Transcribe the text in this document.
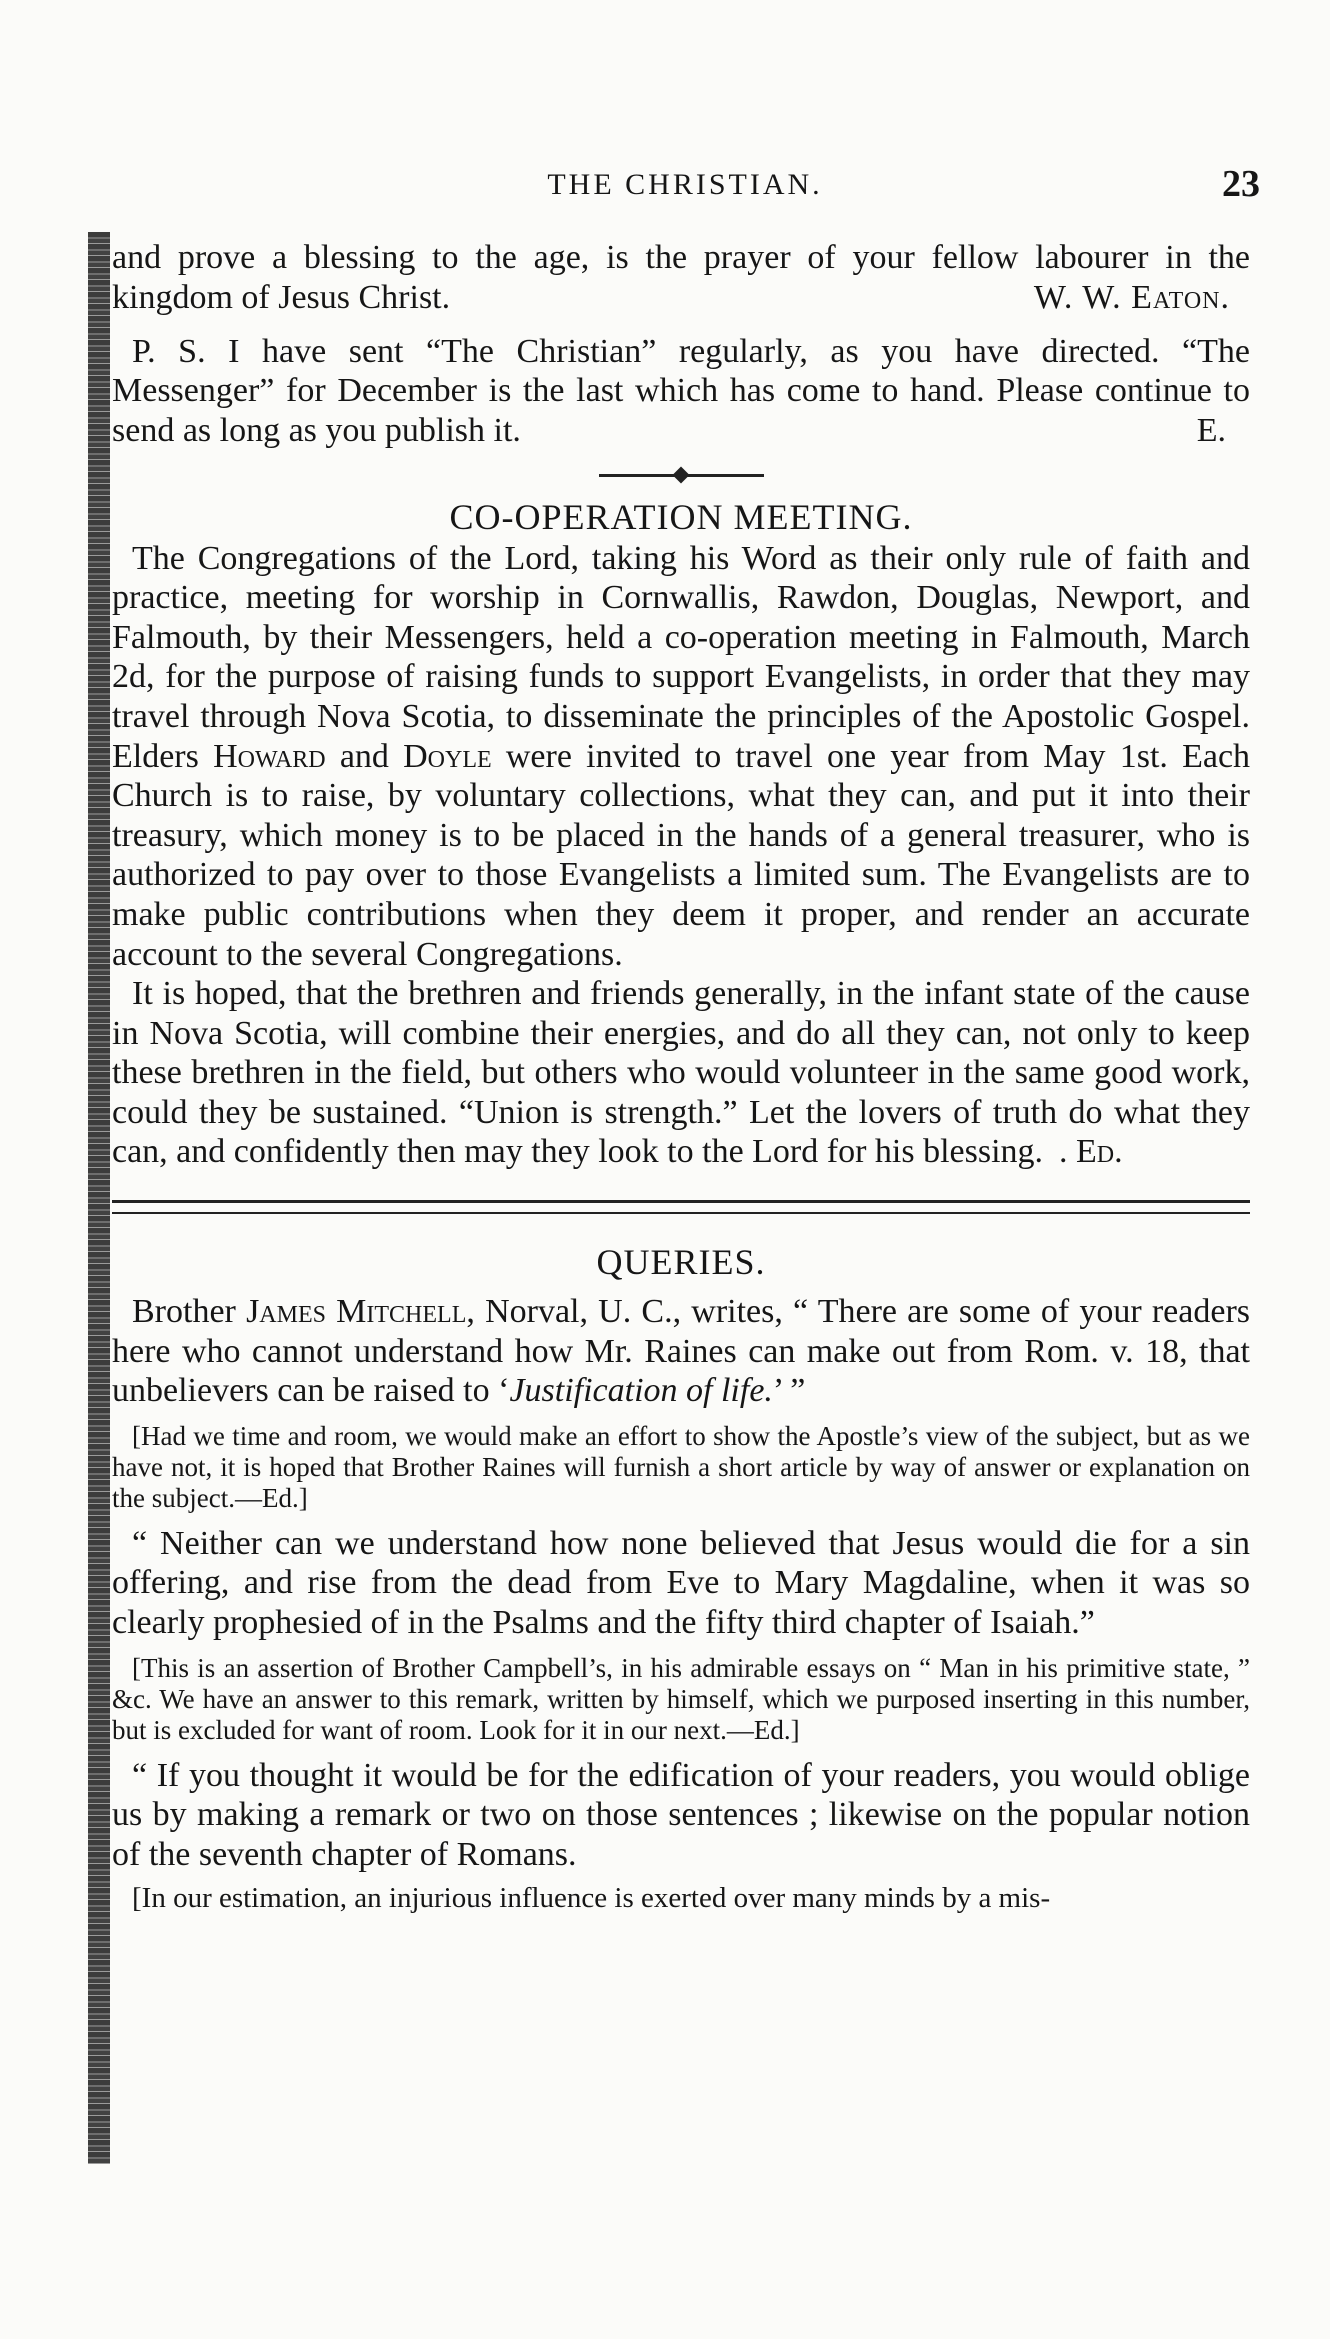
THE CHRISTIAN.	23

and prove a blessing to the age, is the prayer of your fellow labourer in the kingdom of Jesus Christ.	W. W. Eaton.

P. S. I have sent “The Christian” regularly, as you have directed. “The Messenger” for December is the last which has come to hand. Please continue to send as long as you publish it.	E.

CO-OPERATION MEETING.

The Congregations of the Lord, taking his Word as their only rule of faith and practice, meeting for worship in Cornwallis, Rawdon, Douglas, Newport, and Falmouth, by their Messengers, held a co-operation meeting in Falmouth, March 2d, for the purpose of raising funds to support Evangelists, in order that they may travel through Nova Scotia, to disseminate the principles of the Apostolic Gospel. Elders Howard and Doyle were invited to travel one year from May 1st. Each Church is to raise, by voluntary collections, what they can, and put it into their treasury, which money is to be placed in the hands of a general treasurer, who is authorized to pay over to those Evangelists a limited sum. The Evangelists are to make public contributions when they deem it proper, and render an accurate account to the several Congregations.

It is hoped, that the brethren and friends generally, in the infant state of the cause in Nova Scotia, will combine their energies, and do all they can, not only to keep these brethren in the field, but others who would volunteer in the same good work, could they be sustained. “Union is strength.” Let the lovers of truth do what they can, and confidently then may they look to the Lord for his blessing. . Ed.

QUERIES.

Brother James Mitchell, Norval, U. C., writes, “ There are some of your readers here who cannot understand how Mr. Raines can make out from Rom. v. 18, that unbelievers can be raised to ‘Justification of life.’ ”

[Had we time and room, we would make an effort to show the Apostle’s view of the subject, but as we have not, it is hoped that Brother Raines will furnish a short article by way of answer or explanation on the subject.—Ed.]

“ Neither can we understand how none believed that Jesus would die for a sin offering, and rise from the dead from Eve to Mary Magdaline, when it was so clearly prophesied of in the Psalms and the fifty third chapter of Isaiah.”

[This is an assertion of Brother Campbell’s, in his admirable essays on “ Man in his primitive state, ” &c. We have an answer to this remark, written by himself, which we purposed inserting in this number, but is excluded for want of room. Look for it in our next.—Ed.]

“ If you thought it would be for the edification of your readers, you would oblige us by making a remark or two on those sentences ; likewise on the popular notion of the seventh chapter of Romans.

[In our estimation, an injurious influence is exerted over many minds by a mis-
